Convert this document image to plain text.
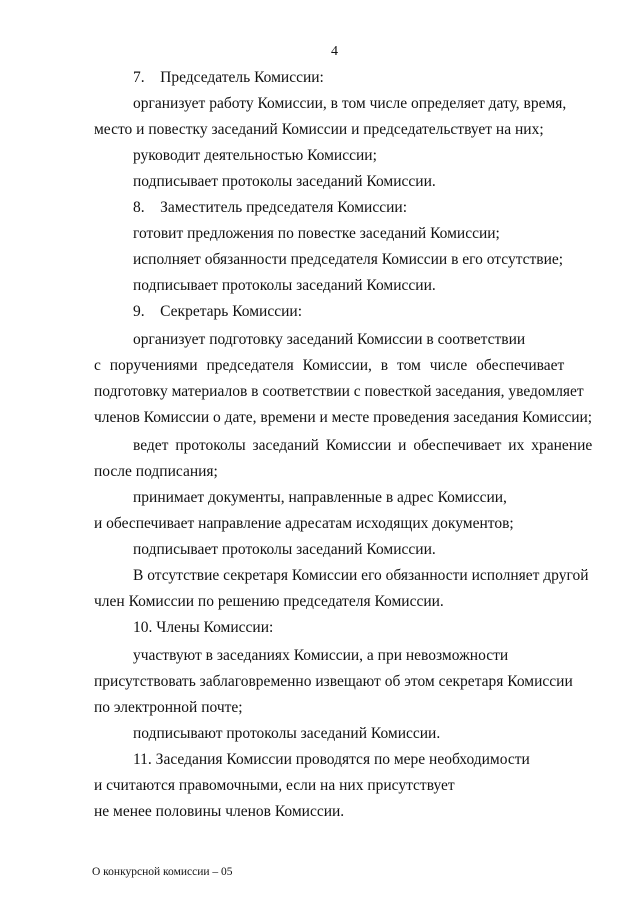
4
7.    Председатель Комиссии:
организует работу Комиссии, в том числе определяет дату, время,
место и повестку заседаний Комиссии и председательствует на них;
руководит деятельностью Комиссии;
подписывает протоколы заседаний Комиссии.
8.    Заместитель председателя Комиссии:
готовит предложения по повестке заседаний Комиссии;
исполняет обязанности председателя Комиссии в его отсутствие;
подписывает протоколы заседаний Комиссии.
9.    Секретарь Комиссии:
организует подготовку заседаний Комиссии в соответствии
с поручениями председателя Комиссии, в том числе обеспечивает
подготовку материалов в соответствии с повесткой заседания, уведомляет
членов Комиссии о дате, времени и месте проведения заседания Комиссии;
ведет протоколы заседаний Комиссии и обеспечивает их хранение
после подписания;
принимает документы, направленные в адрес Комиссии,
и обеспечивает направление адресатам исходящих документов;
подписывает протоколы заседаний Комиссии.
В отсутствие секретаря Комиссии его обязанности исполняет другой
член Комиссии по решению председателя Комиссии.
10. Члены Комиссии:
участвуют в заседаниях Комиссии, а при невозможности
присутствовать заблаговременно извещают об этом секретаря Комиссии
по электронной почте;
подписывают протоколы заседаний Комиссии.
11. Заседания Комиссии проводятся по мере необходимости
и считаются правомочными, если на них присутствует
не менее половины членов Комиссии.
О конкурсной комиссии – 05
